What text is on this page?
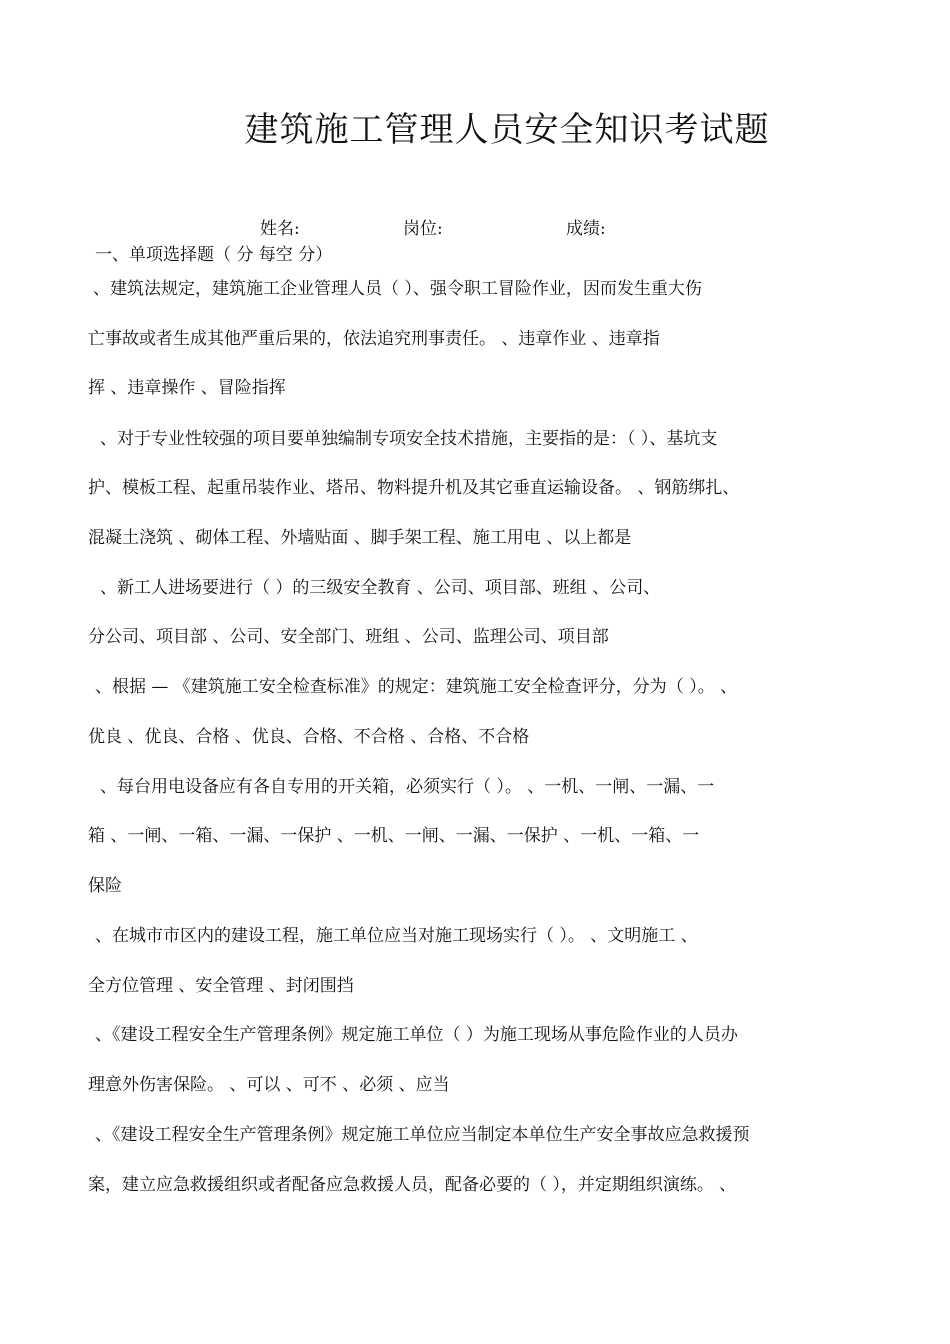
建筑施工管理人员安全知识考试题
姓名:	岗位:	成绩:
一、单项选择题（ 分 每空 分）
、建筑法规定，建筑施工企业管理人员（ ）、强令职工冒险作业，因而发生重大伤
亡事故或者生成其他严重后果的，依法追究刑事责任。 、违章作业 、违章指
挥 、违章操作 、冒险指挥
、对于专业性较强的项目要单独编制专项安全技术措施，主要指的是：（ ）、基坑支
护、模板工程、起重吊装作业、塔吊、物料提升机及其它垂直运输设备。 、钢筋绑扎、
混凝土浇筑 、砌体工程、外墙贴面 、脚手架工程、施工用电 、以上都是
、新工人进场要进行（ ）的三级安全教育 、公司、项目部、班组 、公司、
分公司、项目部 、公司、安全部门、班组 、公司、监理公司、项目部
、根据 — 《建筑施工安全检查标准》的规定：建筑施工安全检查评分，分为（ ）。 、
优良 、优良、合格 、优良、合格、不合格 、合格、不合格
、每台用电设备应有各自专用的开关箱，必须实行（ ）。 、一机、一闸、一漏、一
箱 、一闸、一箱、一漏、一保护 、一机、一闸、一漏、一保护 、一机、一箱、一
保险
、在城市市区内的建设工程，施工单位应当对施工现场实行（ ）。 、文明施工 、
全方位管理 、安全管理 、封闭围挡
、《建设工程安全生产管理条例》规定施工单位（ ）为施工现场从事危险作业的人员办
理意外伤害保险。 、可以 、可不 、必须 、应当
、《建设工程安全生产管理条例》规定施工单位应当制定本单位生产安全事故应急救援预
案，建立应急救援组织或者配备应急救援人员，配备必要的（ ），并定期组织演练。 、
